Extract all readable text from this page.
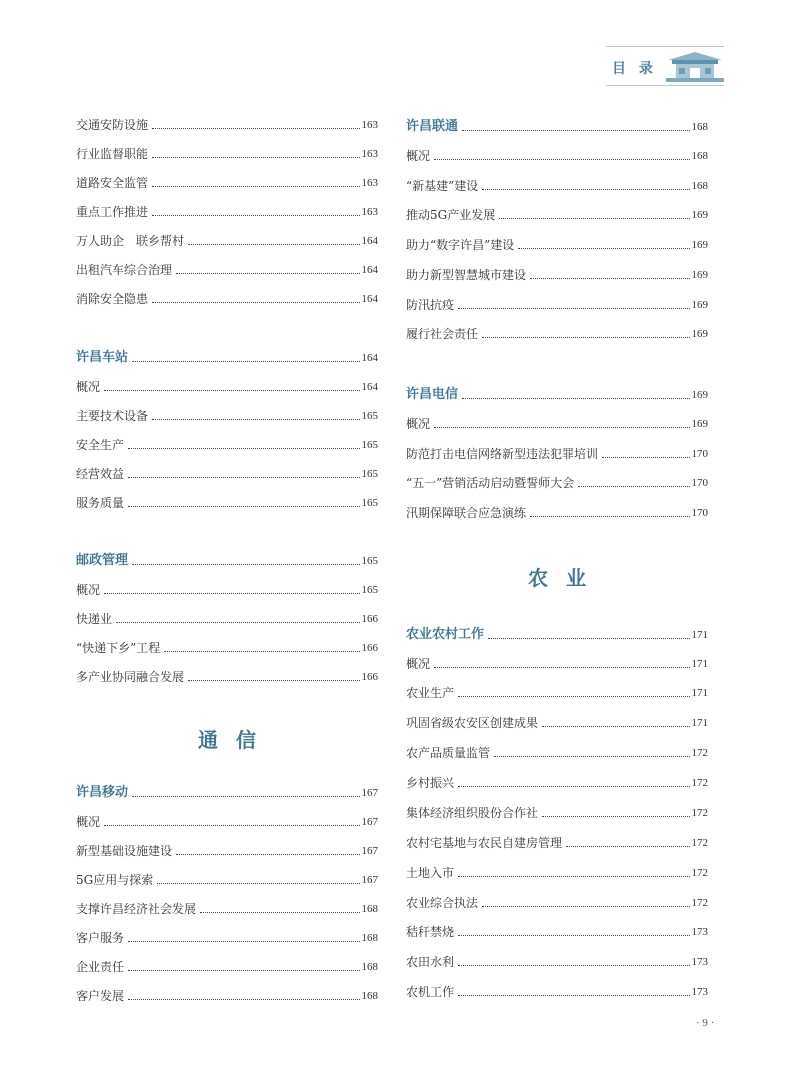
目 录
交通安防设施	163
行业监督职能	163
道路安全监管	163
重点工作推进	163
万人助企　联乡帮村	164
出租汽车综合治理	164
消除安全隐患	164
许昌车站	164
概况	164
主要技术设备	165
安全生产	165
经营效益	165
服务质量	165
邮政管理	165
概况	165
快递业	166
“快递下乡”工程	166
多产业协同融合发展	166
通信
许昌移动	167
概况	167
新型基础设施建设	167
5G应用与探索	167
支撑许昌经济社会发展	168
客户服务	168
企业责任	168
客户发展	168
许昌联通	168
概况	168
“新基建”建设	168
推动5G产业发展	169
助力“数字许昌”建设	169
助力新型智慧城市建设	169
防汛抗疫	169
履行社会责任	169
许昌电信	169
概况	169
防范打击电信网络新型违法犯罪培训	170
“五一”营销活动启动暨誓师大会	170
汛期保障联合应急演练	170
农业
农业农村工作	171
概况	171
农业生产	171
巩固省级农安区创建成果	171
农产品质量监管	172
乡村振兴	172
集体经济组织股份合作社	172
农村宅基地与农民自建房管理	172
土地入市	172
农业综合执法	172
秸秆禁烧	173
农田水利	173
农机工作	173
· 9 ·
